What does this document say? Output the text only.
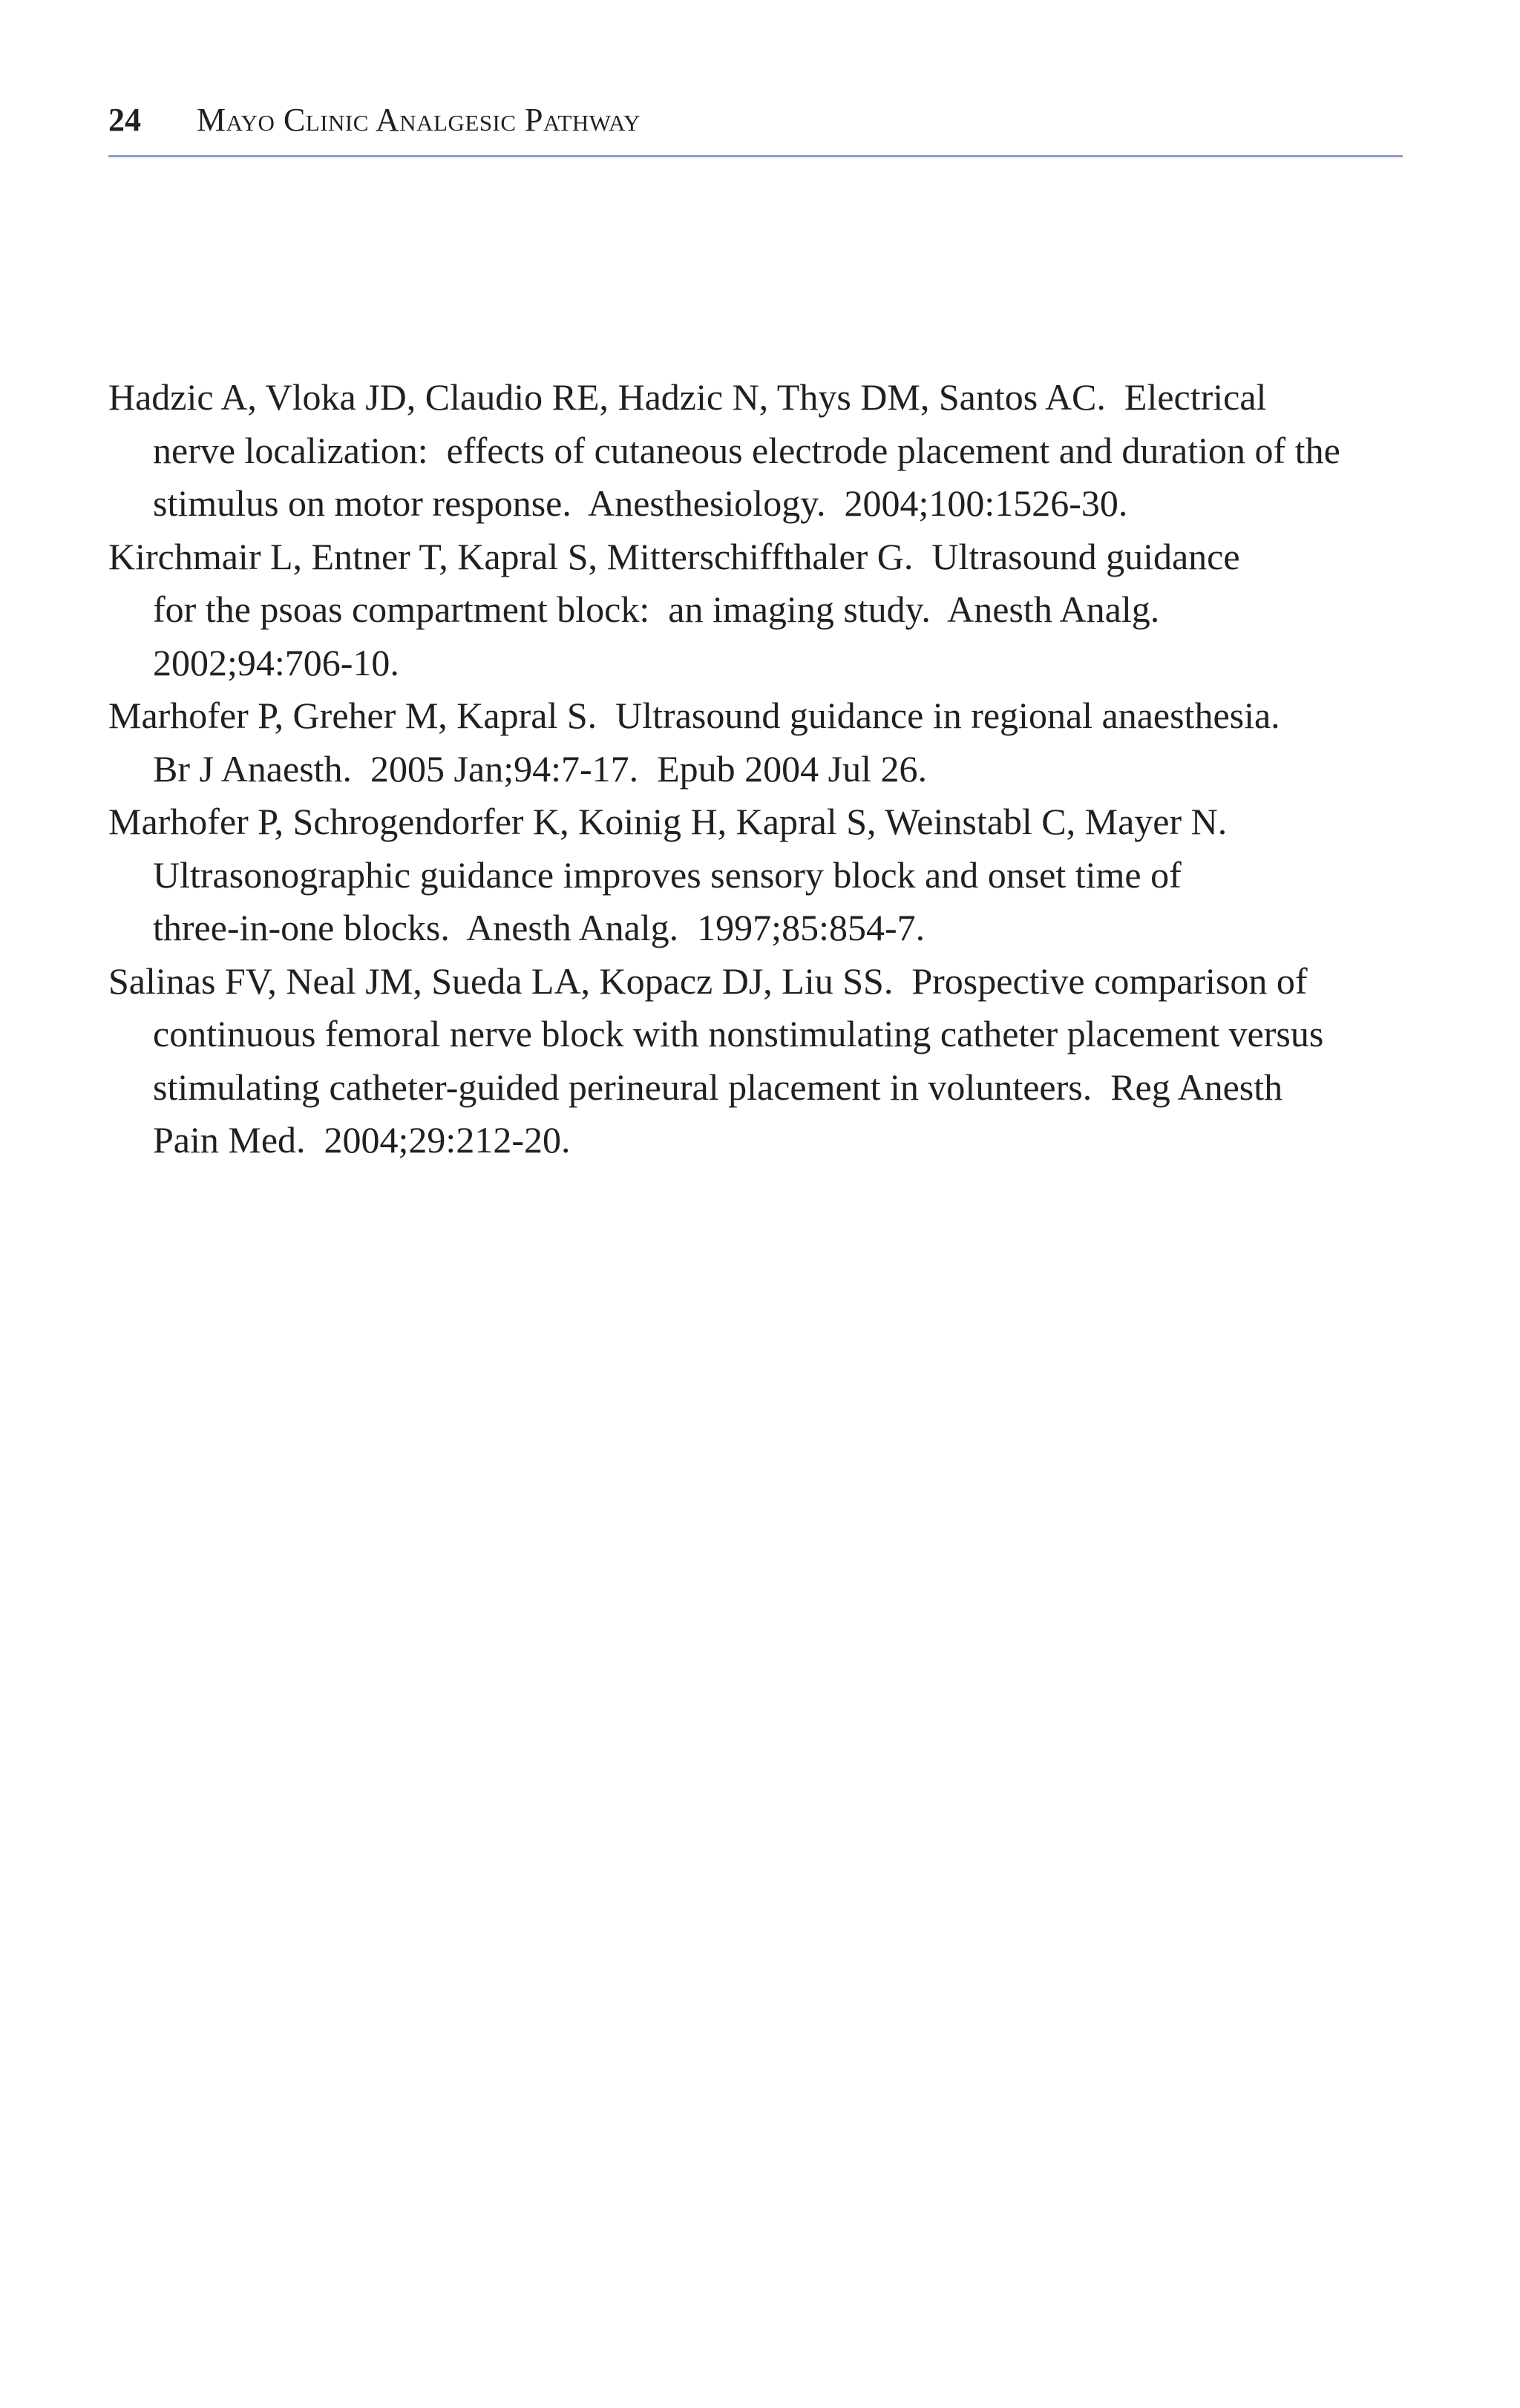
24 Mayo Clinic Analgesic Pathway
Hadzic A, Vloka JD, Claudio RE, Hadzic N, Thys DM, Santos AC.  Electrical
nerve localization:  effects of cutaneous electrode placement and duration of the
stimulus on motor response.  Anesthesiology.  2004;100:1526-30.
Kirchmair L, Entner T, Kapral S, Mitterschiffthaler G.  Ultrasound guidance
for the psoas compartment block:  an imaging study.  Anesth Analg.
2002;94:706-10.
Marhofer P, Greher M, Kapral S.  Ultrasound guidance in regional anaesthesia.
Br J Anaesth.  2005 Jan;94:7-17.  Epub 2004 Jul 26.
Marhofer P, Schrogendorfer K, Koinig H, Kapral S, Weinstabl C, Mayer N.
Ultrasonographic guidance improves sensory block and onset time of
three-in-one blocks.  Anesth Analg.  1997;85:854-7.
Salinas FV, Neal JM, Sueda LA, Kopacz DJ, Liu SS.  Prospective comparison of
continuous femoral nerve block with nonstimulating catheter placement versus
stimulating catheter-guided perineural placement in volunteers.  Reg Anesth
Pain Med.  2004;29:212-20.
